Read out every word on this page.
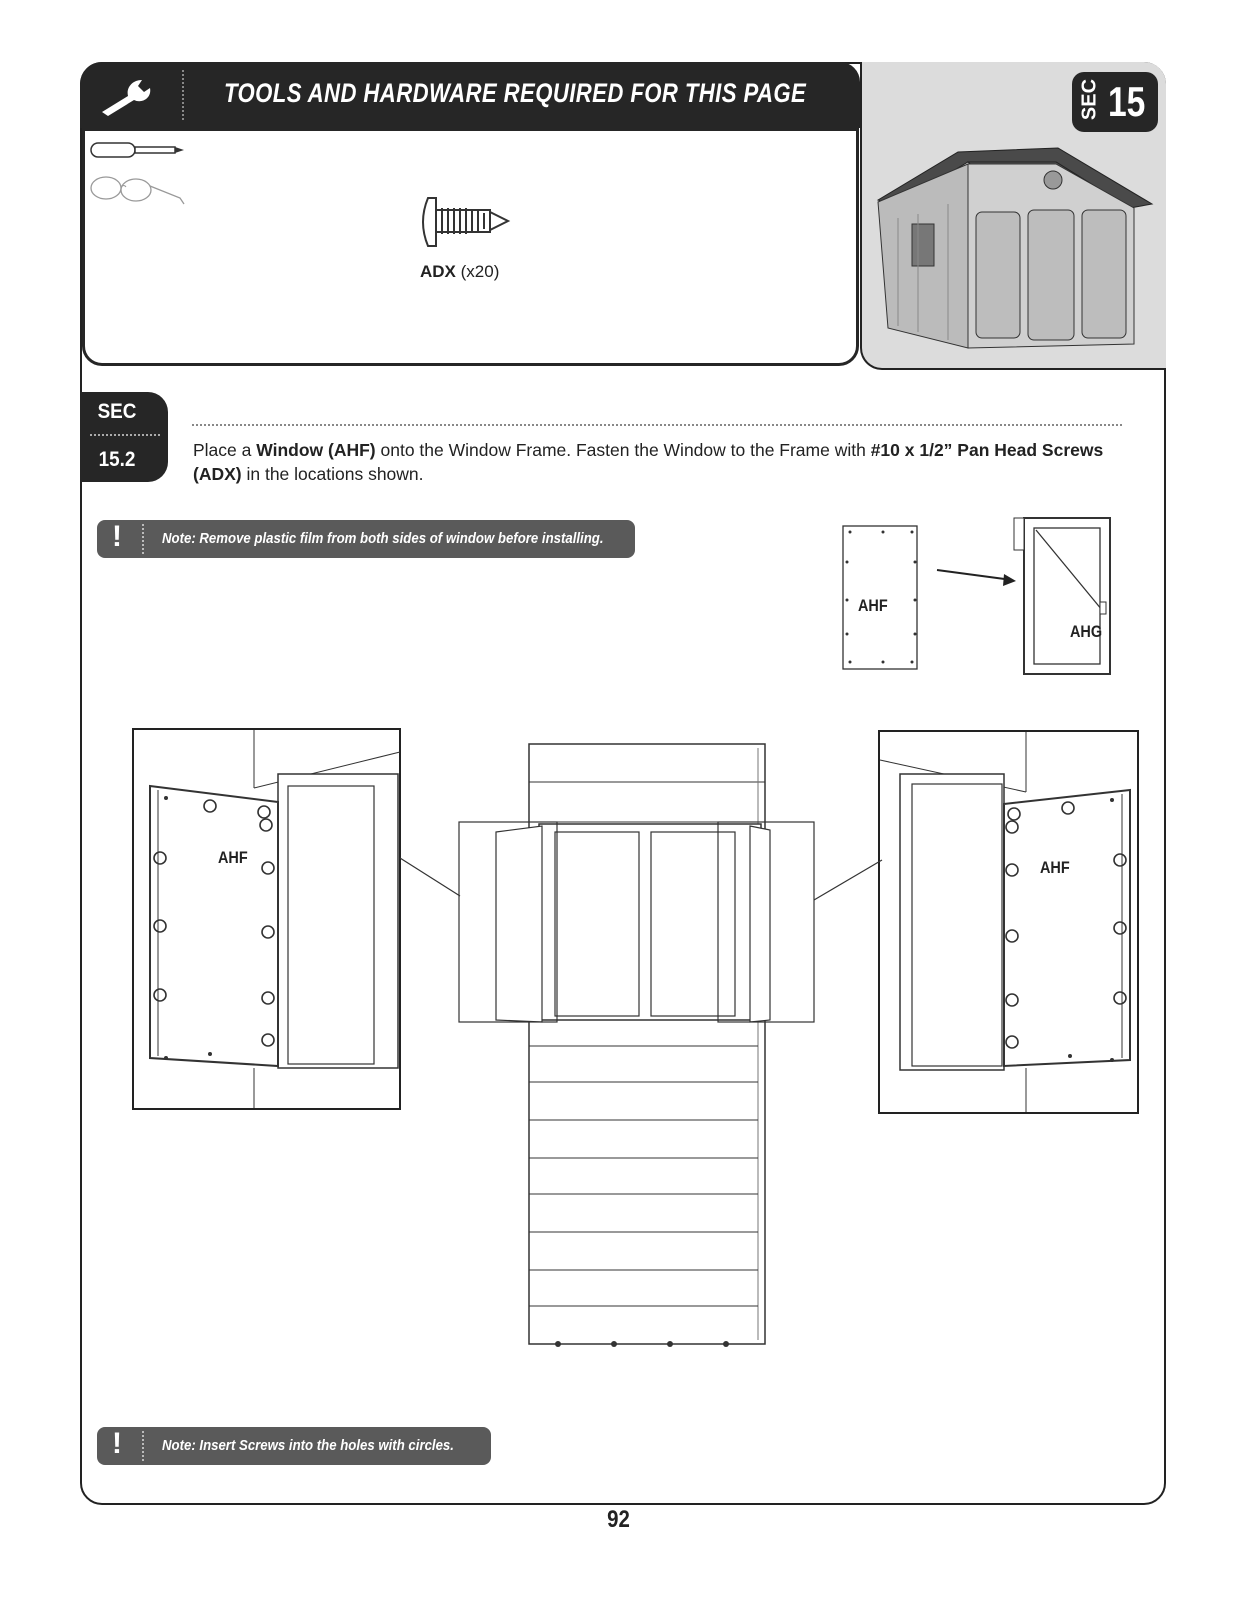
TOOLS AND HARDWARE REQUIRED FOR THIS PAGE	SEC 15
ADX (x20)
SEC
15.2	Place a Window (AHF) onto the Window Frame. Fasten the Window to the Frame with #10 x 1/2” Pan Head Screws
(ADX) in the locations shown.
!	Note: Remove plastic film from both sides of window before installing.
AHF
AHG
AHF
AHF
!	Note: Insert Screws into the holes with circles.
92
